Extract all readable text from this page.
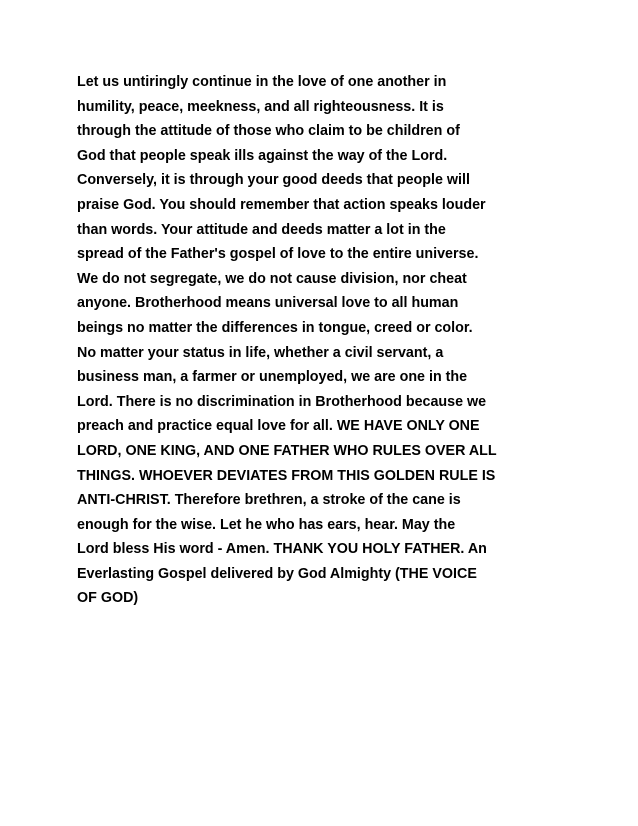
Let us untiringly continue in the love of one another in
humility, peace, meekness, and all righteousness. It is
through the attitude of those who claim to be children of
God that people speak ills against the way of the Lord.
Conversely, it is through your good deeds that people will
praise God. You should remember that action speaks louder
than words. Your attitude and deeds matter a lot in the
spread of the Father's gospel of love to the entire universe.
We do not segregate, we do not cause division, nor cheat
anyone. Brotherhood means universal love to all human
beings no matter the differences in tongue, creed or color.
No matter your status in life, whether a civil servant, a
business man, a farmer or unemployed, we are one in the
Lord. There is no discrimination in Brotherhood because we
preach and practice equal love for all. WE HAVE ONLY ONE
LORD, ONE KING, AND ONE FATHER WHO RULES OVER ALL
THINGS. WHOEVER DEVIATES FROM THIS GOLDEN RULE IS
ANTI-CHRIST. Therefore brethren, a stroke of the cane is
enough for the wise. Let he who has ears, hear. May the
Lord bless His word - Amen. THANK YOU HOLY FATHER. An
Everlasting Gospel delivered by God Almighty (THE VOICE
OF GOD)
